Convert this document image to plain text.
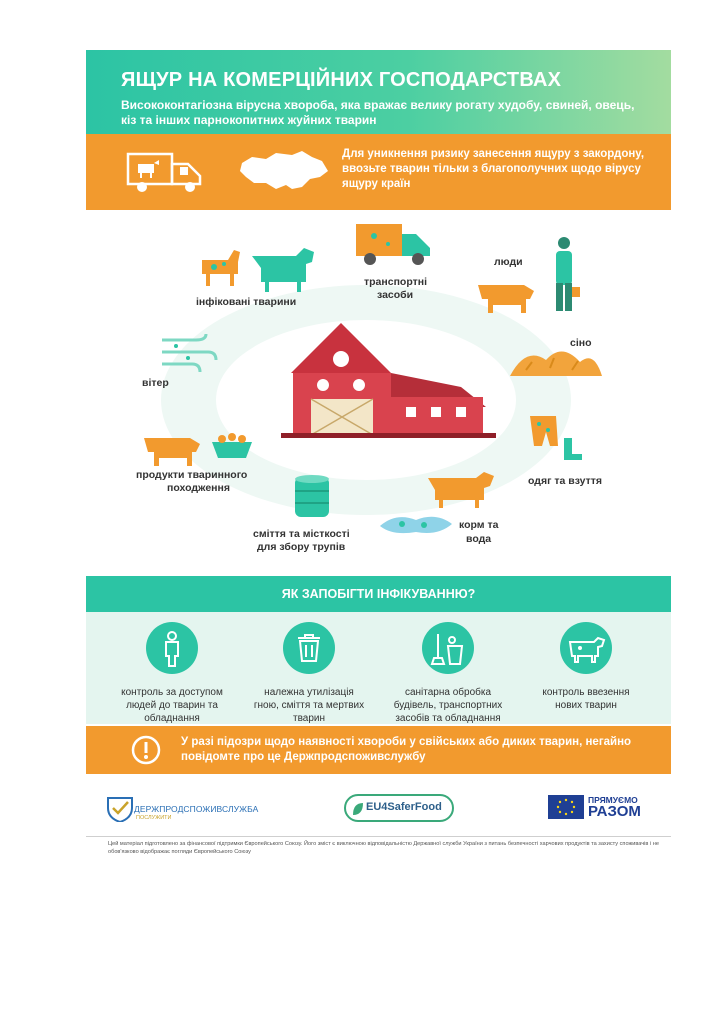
ЯЩУР НА КОМЕРЦІЙНИХ ГОСПОДАРСТВАХ

Висококонтагіозна вірусна хвороба, яка вражає велику рогату худобу, свиней, овець, кіз та інших парнокопитних жуйних тварин

Для уникнення ризику занесення ящуру з закордону, ввозьте тварин тільки з благополучних щодо вірусу ящуру країн
інфіковані тварини
транспортні
засоби
люди
сіно
вітер
одяг та взуття
продукти тваринного
походження
сміття та місткості
для збору трупів
корм та
вода
ЯК ЗАПОБІГТИ ІНФІКУВАННЮ?
контроль за доступом
людей до тварин та
обладнання
належна утилізація
гною, сміття та мертвих
тварин
санітарна обробка
будівель, транспортних
засобів та обладнання
контроль ввезення
нових тварин
У разі підозри щодо наявності хвороби у свійських або диких тварин, негайно повідомте про це Держпродспоживслужбу
ДЕРЖПРОДСПОЖИВСЛУЖБА
ПОСЛУЖИТИ
EU4SaferFood
ПРЯМУЄМО
РАЗОМ
Цей матеріал підготовлено за фінансової підтримки Європейського Союзу. Його зміст є виключною відповідальністю Державної служби України з питань безпечності харчових продуктів та захисту споживачів і не обов'язково відображає погляди Європейського Союзу
